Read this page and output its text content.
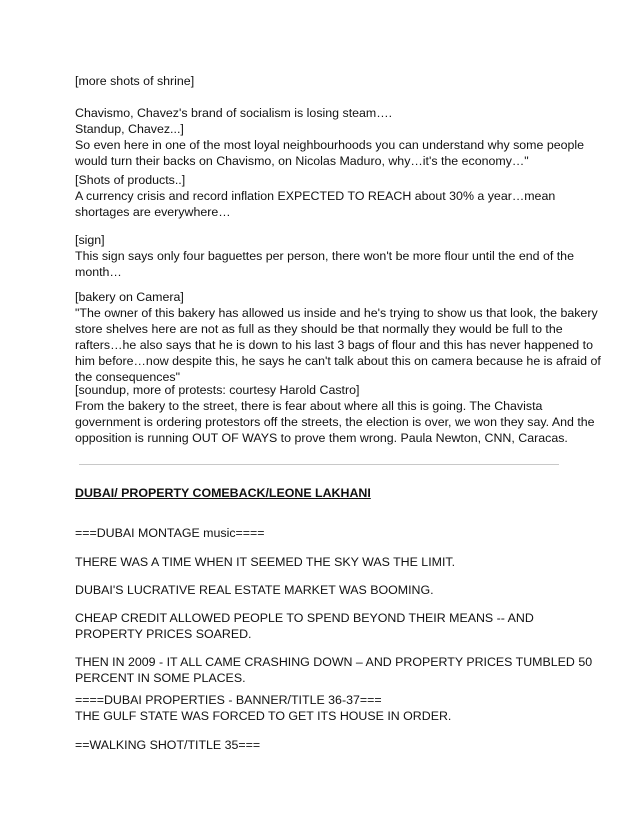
[more shots of shrine]
Chavismo, Chavez's brand of socialism is losing steam….
Standup, Chavez...]
So even here in one of the most loyal neighbourhoods you can understand why some people
would turn their backs on Chavismo, on Nicolas Maduro, why…it's the economy…"
[Shots of products..]
A currency crisis and record inflation EXPECTED TO REACH about 30% a year…mean
shortages are everywhere…
[sign]
This sign says only four baguettes per person, there won't be more flour until the end of the
month…
[bakery on Camera]
"The owner of this bakery has allowed us inside and he's trying to show us that look, the bakery
store shelves here are not as full as they should be that normally they would be full to the
rafters…he also says that he is down to his last 3 bags of flour and this has never happened to
him before…now despite this, he says he can't talk about this on camera because he is afraid of
the consequences"
[soundup, more of protests: courtesy Harold Castro]
From the bakery to the street, there is fear about where all this is going. The Chavista
government is ordering protestors off the streets, the election is over, we won they say. And the
opposition is running OUT OF WAYS to prove them wrong. Paula Newton, CNN, Caracas.
DUBAI/ PROPERTY COMEBACK/LEONE LAKHANI
===DUBAI MONTAGE music====
THERE WAS A TIME WHEN IT SEEMED THE SKY WAS THE LIMIT.
DUBAI'S LUCRATIVE REAL ESTATE MARKET WAS BOOMING.
CHEAP CREDIT ALLOWED PEOPLE TO SPEND BEYOND THEIR MEANS -- AND
PROPERTY PRICES SOARED.
THEN IN 2009 - IT ALL CAME CRASHING DOWN – AND PROPERTY PRICES TUMBLED 50
PERCENT IN SOME PLACES.
====DUBAI PROPERTIES - BANNER/TITLE 36-37===
THE GULF STATE WAS FORCED TO GET ITS HOUSE IN ORDER.
==WALKING SHOT/TITLE 35===
